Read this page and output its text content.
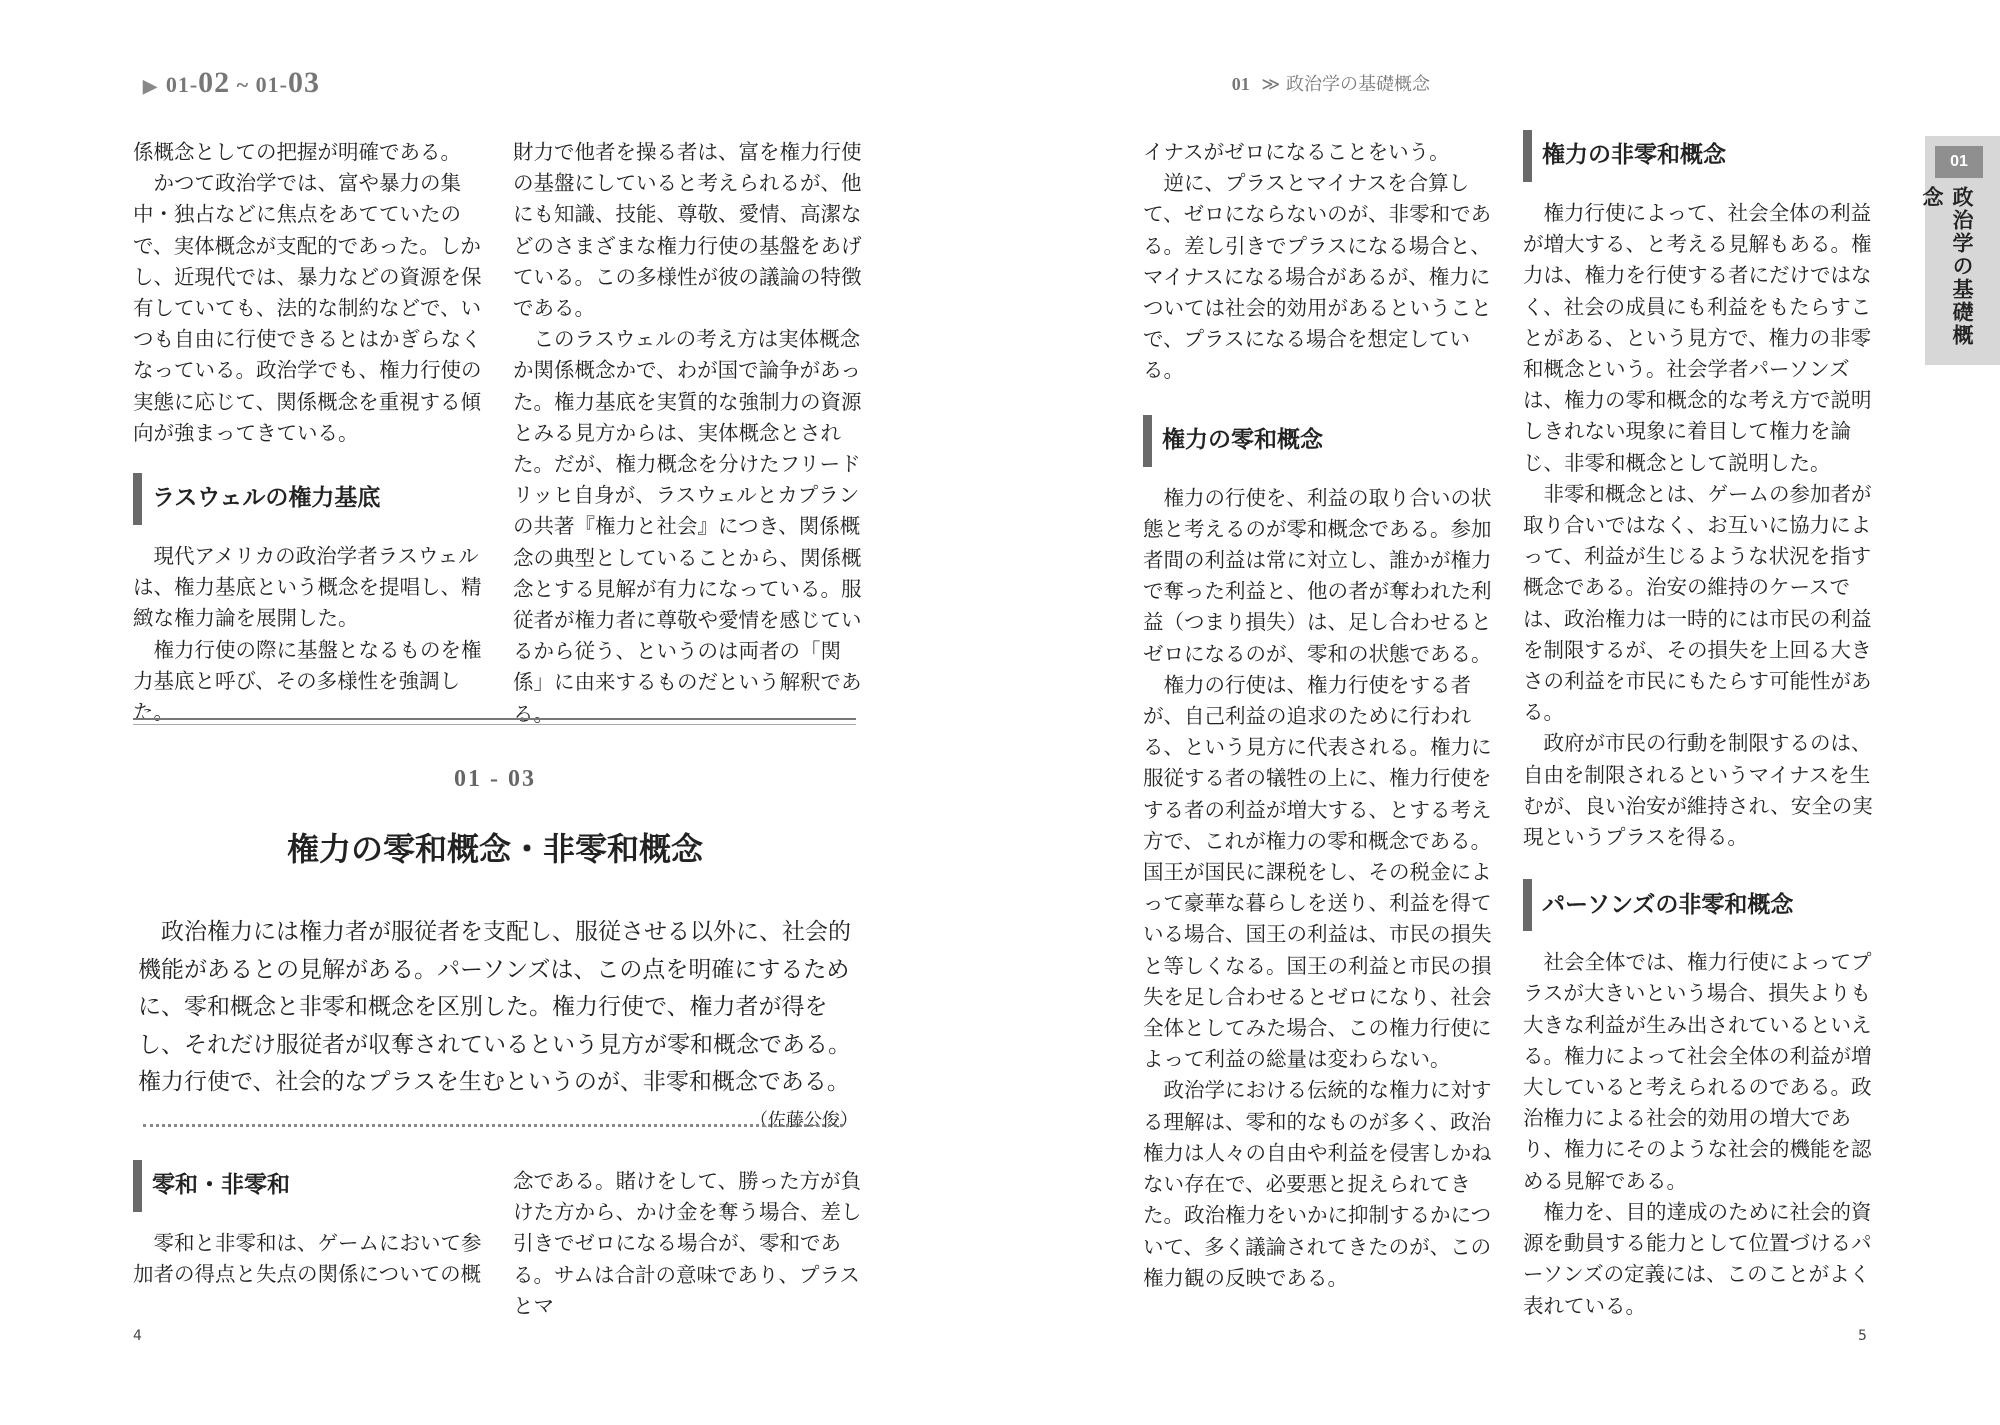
▶ 01-02 ~ 01-03

係概念としての把握が明確である。

かつて政治学では、富や暴力の集中・独占などに焦点をあてていたので、実体概念が支配的であった。しかし、近現代では、暴力などの資源を保有していても、法的な制約などで、いつも自由に行使できるとはかぎらなくなっている。政治学でも、権力行使の実態に応じて、関係概念を重視する傾向が強まってきている。

ラスウェルの権力基底

現代アメリカの政治学者ラスウェルは、権力基底という概念を提唱し、精緻な権力論を展開した。

権力行使の際に基盤となるものを権力基底と呼び、その多様性を強調した。

財力で他者を操る者は、富を権力行使の基盤にしていると考えられるが、他にも知識、技能、尊敬、愛情、高潔などのさまざまな権力行使の基盤をあげている。この多様性が彼の議論の特徴である。

このラスウェルの考え方は実体概念か関係概念かで、わが国で論争があった。権力基底を実質的な強制力の資源とみる見方からは、実体概念とされた。だが、権力概念を分けたフリードリッヒ自身が、ラスウェルとカプランの共著『権力と社会』につき、関係概念の典型としていることから、関係概念とする見解が有力になっている。服従者が権力者に尊敬や愛情を感じているから従う、というのは両者の「関係」に由来するものだという解釈である。

01 - 03
権力の零和概念・非零和概念

政治権力には権力者が服従者を支配し、服従させる以外に、社会的機能があるとの見解がある。パーソンズは、この点を明確にするために、零和概念と非零和概念を区別した。権力行使で、権力者が得をし、それだけ服従者が収奪されているという見方が零和概念である。権力行使で、社会的なプラスを生むというのが、非零和概念である。
（佐藤公俊）

零和・非零和

零和と非零和は、ゲームにおいて参加者の得点と失点の関係についての概

念である。賭けをして、勝った方が負けた方から、かけ金を奪う場合、差し引きでゼロになる場合が、零和である。サムは合計の意味であり、プラスとマ

4
01 ≫ 政治学の基礎概念

イナスがゼロになることをいう。

逆に、プラスとマイナスを合算して、ゼロにならないのが、非零和である。差し引きでプラスになる場合と、マイナスになる場合があるが、権力については社会的効用があるということで、プラスになる場合を想定している。

権力の零和概念

権力の行使を、利益の取り合いの状態と考えるのが零和概念である。参加者間の利益は常に対立し、誰かが権力で奪った利益と、他の者が奪われた利益（つまり損失）は、足し合わせるとゼロになるのが、零和の状態である。

権力の行使は、権力行使をする者が、自己利益の追求のために行われる、という見方に代表される。権力に服従する者の犠牲の上に、権力行使をする者の利益が増大する、とする考え方で、これが権力の零和概念である。国王が国民に課税をし、その税金によって豪華な暮らしを送り、利益を得ている場合、国王の利益は、市民の損失と等しくなる。国王の利益と市民の損失を足し合わせるとゼロになり、社会全体としてみた場合、この権力行使によって利益の総量は変わらない。

政治学における伝統的な権力に対する理解は、零和的なものが多く、政治権力は人々の自由や利益を侵害しかねない存在で、必要悪と捉えられてきた。政治権力をいかに抑制するかについて、多く議論されてきたのが、この権力観の反映である。

権力の非零和概念

権力行使によって、社会全体の利益が増大する、と考える見解もある。権力は、権力を行使する者にだけではなく、社会の成員にも利益をもたらすことがある、という見方で、権力の非零和概念という。社会学者パーソンズは、権力の零和概念的な考え方で説明しきれない現象に着目して権力を論じ、非零和概念として説明した。

非零和概念とは、ゲームの参加者が取り合いではなく、お互いに協力によって、利益が生じるような状況を指す概念である。治安の維持のケースでは、政治権力は一時的には市民の利益を制限するが、その損失を上回る大きさの利益を市民にもたらす可能性がある。

政府が市民の行動を制限するのは、自由を制限されるというマイナスを生むが、良い治安が維持され、安全の実現というプラスを得る。

パーソンズの非零和概念

社会全体では、権力行使によってプラスが大きいという場合、損失よりも大きな利益が生み出されているといえる。権力によって社会全体の利益が増大していると考えられるのである。政治権力による社会的効用の増大であり、権力にそのような社会的機能を認める見解である。

権力を、目的達成のために社会的資源を動員する能力として位置づけるパーソンズの定義には、このことがよく表れている。

5
01
政治学の基礎概念
